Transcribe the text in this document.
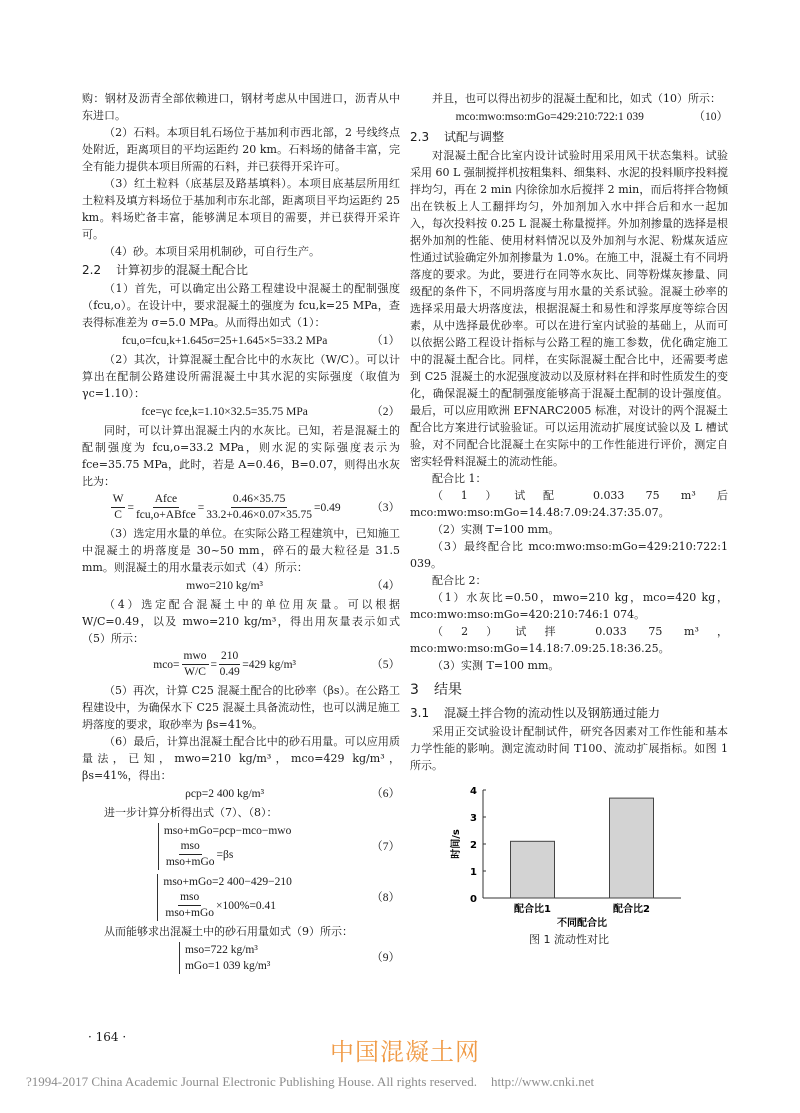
购：钢材及沥青全部依赖进口，钢材考虑从中国进口，沥青从中东进口。

（2）石料。本项目轧石场位于基加利市西北部，2 号线终点处附近，距离项目的平均运距约 20 km。石料场的储备丰富，完全有能力提供本项目所需的石料，并已获得开采许可。

（3）红土粒料（底基层及路基填料）。本项目底基层所用红土粒料及填方料场位于基加利市东北部，距离项目平均运距约 25 km。料场贮备丰富，能够满足本项目的需要，并已获得开采许可。

（4）砂。本项目采用机制砂，可自行生产。

2.2 计算初步的混凝土配合比

（1）首先，可以确定出公路工程建设中混凝土的配制强度（fcu,o）。在设计中，要求混凝土的强度为 fcu,k=25 MPa，查表得标准差为 σ=5.0 MPa。从而得出如式（1）：

fcu,o=fcu,k+1.645σ=25+1.645×5=33.2 MPa	（1）

（2）其次，计算混凝土配合比中的水灰比（W/C）。可以计算出在配制公路建设所需混凝土中其水泥的实际强度（取值为 γc=1.10）：

fce=γc fce,k=1.10×32.5=35.75 MPa	（2）

同时，可以计算出混凝土内的水灰比。已知，若是混凝土的配制强度为 fcu,o=33.2 MPa，则水泥的实际强度表示为 fce=35.75 MPa，此时，若是 A=0.46，B=0.07，则得出水灰比为：

$\frac{W}{C} = \frac{\text{Afce}}{\text{fcu,o+ABfce}} = \frac{0.46\times 35.75}{33.2+0.46\times 0.07\times 35.75} =0.49$	（3）

（3）选定用水量的单位。在实际公路工程建筑中，已知施工中混凝土的坍落度是 30~50 mm，碎石的最大粒径是 31.5 mm。则混凝土的用水量表示如式（4）所示：

mwo=210 kg/m³	（4）

（4）选定配合混凝土中的单位用灰量。可以根据 W/C=0.49，以及 mwo=210 kg/m³，得出用灰量表示如式（5）所示：

$mco= \frac{\text{mwo}}{W/C} = \frac{210}{0.49} =429$ kg/m³	（5）

（5）再次，计算 C25 混凝土配合的比砂率（βs）。在公路工程建设中，为确保水下 C25 混凝土具备流动性，也可以满足施工坍落度的要求，取砂率为 βs=41%。

（6）最后，计算出混凝土配合比中的砂石用量。可以应用质量法，已知，mwo=210 kg/m³，mco=429 kg/m³，βs=41%，得出：

ρcp=2 400 kg/m³	（6）

进一步计算分析得出式（7）、（8）：

mso+mGo=ρcp−mco−mwo
$\frac{\text{mso}}{\text{mso+mGo}} =\beta s$
（7）
mso+mGo=2 400−429−210
$\frac{\text{mso}}{\text{mso+mGo}} \times 100\%=0.41$
（8）

从而能够求出混凝土中的砂石用量如式（9）所示：

mso=722 kg/m³
mGo=1 039 kg/m³
（9）

并且，也可以得出初步的混凝土配和比，如式（10）所示：

mco:mwo:mso:mGo=429:210:722:1 039	（10）
2.3 试配与调整

对混凝土配合比室内设计试验时用采用风干状态集料。试验采用 60 L 强制搅拌机按粗集料、细集料、水泥的投料顺序投料搅拌均匀，再在 2 min 内徐徐加水后搅拌 2 min，而后将拌合物倾出在铁板上人工翻拌均匀，外加剂加入水中拌合后和水一起加入，每次投料按 0.25 L 混凝土称量搅拌。外加剂掺量的选择是根据外加剂的性能、使用材料情况以及外加剂与水泥、粉煤灰适应性通过试验确定外加剂掺量为 1.0%。在施工中，混凝土有不同坍落度的要求。为此，要进行在同等水灰比、同等粉煤灰掺量、同级配的条件下，不同坍落度与用水量的关系试验。混凝土砂率的选择采用最大坍落度法，根据混凝土和易性和浮浆厚度等综合因素，从中选择最优砂率。可以在进行室内试验的基础上，从而可以依据公路工程设计指标与公路工程的施工参数，优化确定施工中的混凝土配合比。同样，在实际混凝土配合比中，还需要考虑到 C25 混凝土的水泥强度波动以及原材料在拌和时性质发生的变化，确保混凝土的配制强度能够高于混凝土配制的设计强度值。最后，可以应用欧洲 EFNARC2005 标准，对设计的两个混凝土配合比方案进行试验验证。可以运用流动扩展度试验以及 L 槽试验，对不同配合比混凝土在实际中的工作性能进行评价，测定自密实轻骨料混凝土的流动性能。

配合比 1：

（1）试配 0.033 75 m³ 后 mco:mwo:mso:mGo=14.48:7.09:24.37:35.07。

（2）实测 T=100 mm。

（3）最终配合比 mco:mwo:mso:mGo=429:210:722:1 039。

配合比 2：

（1）水灰比=0.50，mwo=210 kg，mco=420 kg，mco:mwo:mso:mGo=420:210:746:1 074。

（2）试拌 0.033 75 m³，mco:mwo:mso:mGo=14.18:7.09:25.18:36.25。

（3）实测 T=100 mm。

3 结果
3.1 混凝土拌合物的流动性以及钢筋通过能力

采用正交试验设计配制试件，研究各因素对工作性能和基本力学性能的影响。测定流动时间 T100、流动扩展指标。如图 1 所示。

0
1
2
3
4
时间/s
配合比1	配合比2
不同配合比
图 1 流动性对比
· 164 ·
中国混凝土网
?1994-2017 China Academic Journal Electronic Publishing House. All rights reserved. http://www.cnki.net
